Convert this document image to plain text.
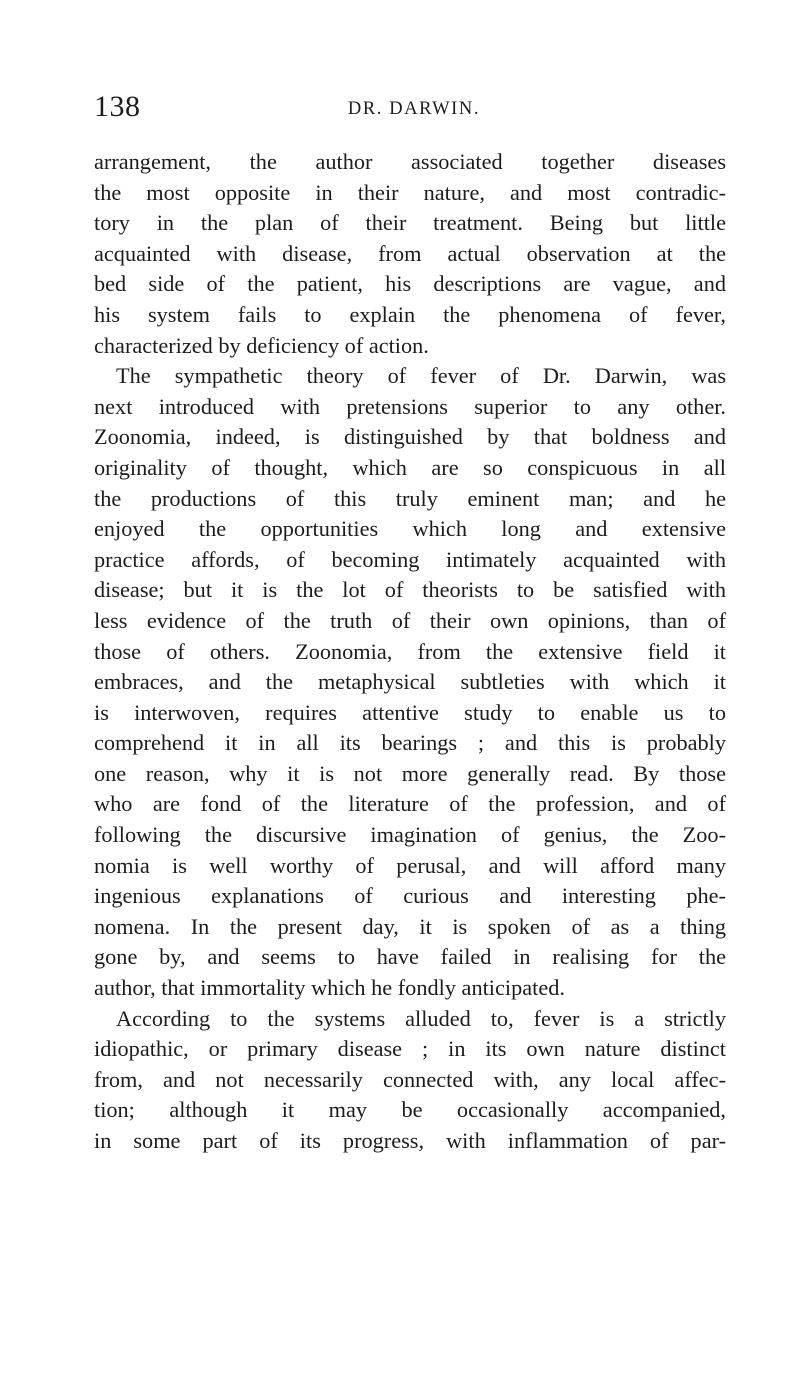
138	DR. DARWIN.
arrangement, the author associated together diseases
the most opposite in their nature, and most contradic-
tory in the plan of their treatment. Being but little
acquainted with disease, from actual observation at the
bed side of the patient, his descriptions are vague, and
his system fails to explain the phenomena of fever,
characterized by deficiency of action.
The sympathetic theory of fever of Dr. Darwin, was
next introduced with pretensions superior to any other.
Zoonomia, indeed, is distinguished by that boldness and
originality of thought, which are so conspicuous in all
the productions of this truly eminent man; and he
enjoyed the opportunities which long and extensive
practice affords, of becoming intimately acquainted with
disease; but it is the lot of theorists to be satisfied with
less evidence of the truth of their own opinions, than of
those of others. Zoonomia, from the extensive field it
embraces, and the metaphysical subtleties with which it
is interwoven, requires attentive study to enable us to
comprehend it in all its bearings ; and this is probably
one reason, why it is not more generally read. By those
who are fond of the literature of the profession, and of
following the discursive imagination of genius, the Zoo-
nomia is well worthy of perusal, and will afford many
ingenious explanations of curious and interesting phe-
nomena. In the present day, it is spoken of as a thing
gone by, and seems to have failed in realising for the
author, that immortality which he fondly anticipated.
According to the systems alluded to, fever is a strictly
idiopathic, or primary disease ; in its own nature distinct
from, and not necessarily connected with, any local affec-
tion; although it may be occasionally accompanied,
in some part of its progress, with inflammation of par-
